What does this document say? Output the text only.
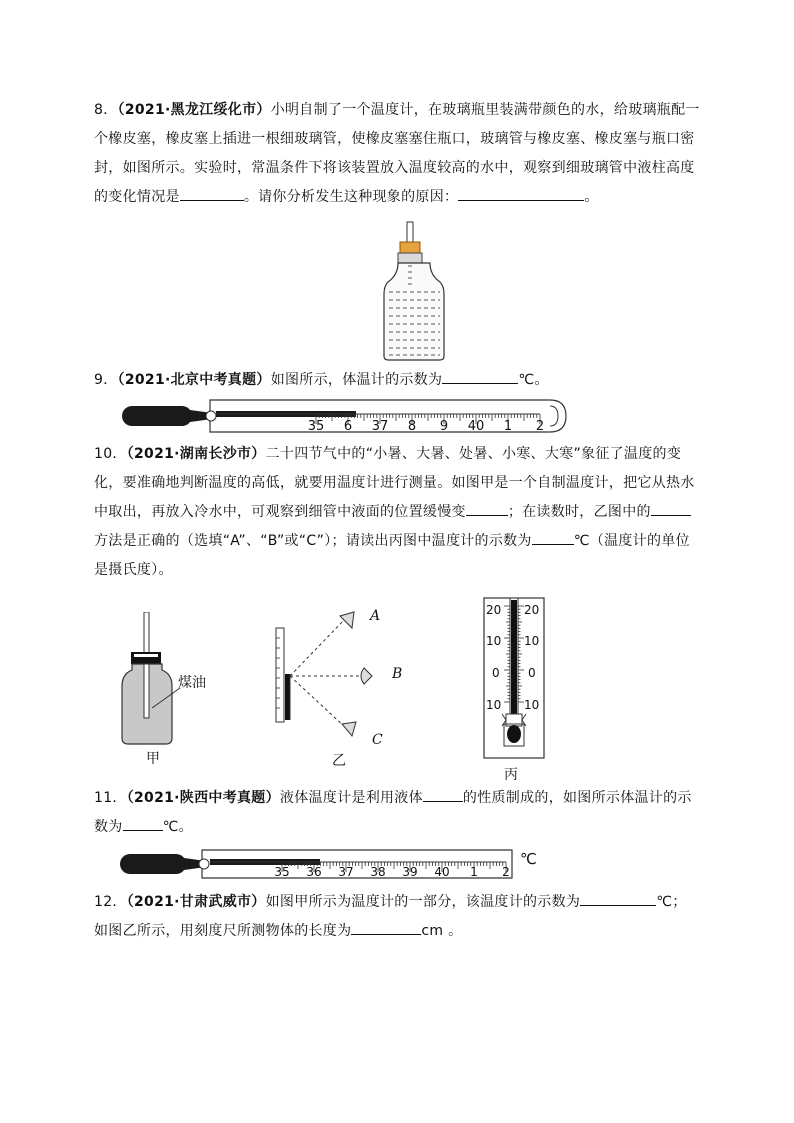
8．（2021·黑龙江绥化市）小明自制了一个温度计，在玻璃瓶里装满带颜色的水，给玻璃瓶配一个橡皮塞，橡皮塞上插进一根细玻璃管，使橡皮塞塞住瓶口，玻璃管与橡皮塞、橡皮塞与瓶口密封，如图所示。实验时，常温条件下将该装置放入温度较高的水中，观察到细玻璃管中液柱高度的变化情况是	。请你分析发生这种现象的原因：	。
9．（2021·北京中考真题）如图所示，体温计的示数为	℃。
35 6 37 8 9 40 1 2
10．（2021·湖南长沙市）二十四节气中的“小暑、大暑、处暑、小寒、大寒”象征了温度的变化，要准确地判断温度的高低，就要用温度计进行测量。如图甲是一个自制温度计，把它从热水中取出，再放入冷水中，可观察到细管中液面的位置缓慢变	；在读数时，乙图中的方法是正确的（选填“A”、“B”或“C”）；请读出丙图中温度计的示数为	℃（温度计的单位是摄氏度）。
煤油
甲
A
B
C
乙
20
10
0
10
20
10
0
10
丙
11．（2021·陕西中考真题）液体温度计是利用液体	的性质制成的，如图所示体温计的示数为	℃。
35 36 37 38 39 40 1 2
℃
12．（2021·甘肃武威市）如图甲所示为温度计的一部分，该温度计的示数为	℃；如图乙所示，用刻度尺所测物体的长度为	cm 。
